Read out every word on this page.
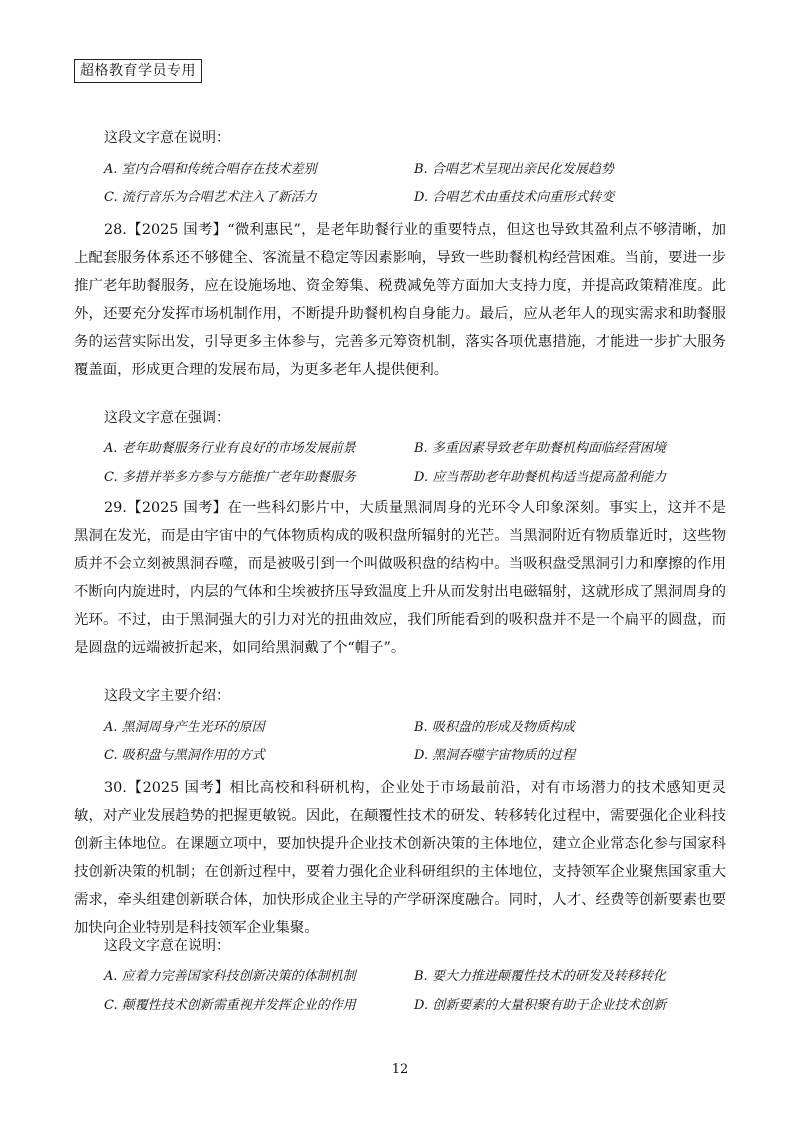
超格教育学员专用
这段文字意在说明：
A. 室内合唱和传统合唱存在技术差别	B. 合唱艺术呈现出亲民化发展趋势
C. 流行音乐为合唱艺术注入了新活力	D. 合唱艺术由重技术向重形式转变
28.【2025 国考】“微利惠民”，是老年助餐行业的重要特点，但这也导致其盈利点不够清晰，加上配套服务体系还不够健全、客流量不稳定等因素影响，导致一些助餐机构经营困难。当前，要进一步推广老年助餐服务，应在设施场地、资金筹集、税费减免等方面加大支持力度，并提高政策精准度。此外，还要充分发挥市场机制作用，不断提升助餐机构自身能力。最后，应从老年人的现实需求和助餐服务的运营实际出发，引导更多主体参与，完善多元筹资机制，落实各项优惠措施，才能进一步扩大服务覆盖面，形成更合理的发展布局，为更多老年人提供便利。
这段文字意在强调：
A. 老年助餐服务行业有良好的市场发展前景	B. 多重因素导致老年助餐机构面临经营困境
C. 多措并举多方参与方能推广老年助餐服务	D. 应当帮助老年助餐机构适当提高盈利能力
29.【2025 国考】在一些科幻影片中，大质量黑洞周身的光环令人印象深刻。事实上，这并不是黑洞在发光，而是由宇宙中的气体物质构成的吸积盘所辐射的光芒。当黑洞附近有物质靠近时，这些物质并不会立刻被黑洞吞噬，而是被吸引到一个叫做吸积盘的结构中。当吸积盘受黑洞引力和摩擦的作用不断向内旋进时，内层的气体和尘埃被挤压导致温度上升从而发射出电磁辐射，这就形成了黑洞周身的光环。不过，由于黑洞强大的引力对光的扭曲效应，我们所能看到的吸积盘并不是一个扁平的圆盘，而是圆盘的远端被折起来，如同给黑洞戴了个“帽子”。
这段文字主要介绍：
A. 黑洞周身产生光环的原因	B. 吸积盘的形成及物质构成
C. 吸积盘与黑洞作用的方式	D. 黑洞吞噬宇宙物质的过程
30.【2025 国考】相比高校和科研机构，企业处于市场最前沿，对有市场潜力的技术感知更灵敏，对产业发展趋势的把握更敏锐。因此，在颠覆性技术的研发、转移转化过程中，需要强化企业科技创新主体地位。在课题立项中，要加快提升企业技术创新决策的主体地位，建立企业常态化参与国家科技创新决策的机制；在创新过程中，要着力强化企业科研组织的主体地位，支持领军企业聚焦国家重大需求，牵头组建创新联合体，加快形成企业主导的产学研深度融合。同时，人才、经费等创新要素也要加快向企业特别是科技领军企业集聚。
这段文字意在说明：
A. 应着力完善国家科技创新决策的体制机制	B. 要大力推进颠覆性技术的研发及转移转化
C. 颠覆性技术创新需重视并发挥企业的作用	D. 创新要素的大量积聚有助于企业技术创新
12
